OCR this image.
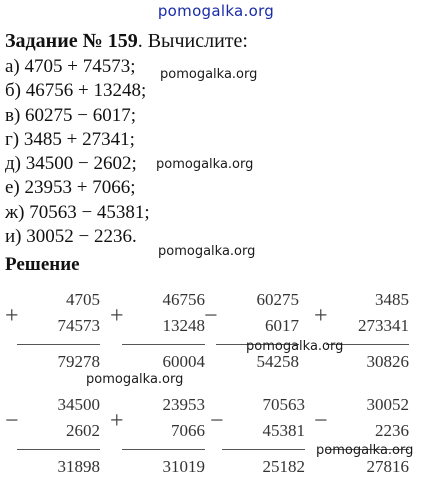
pomogalka.org
Задание № 159. Вычислите:
а) 4705 + 74573;
б) 46756 + 13248;
в) 60275 − 6017;
г) 3485 + 27341;
д) 34500 − 2602;
е) 23953 + 7066;
ж) 70563 − 45381;
и) 30052 − 2236.
pomogalka.org
pomogalka.org
pomogalka.org
Решение
+
4705
74573
79278
+
46756
13248
60004
−
60275
6017
54258
+
3485
273341
30826
pomogalka.org
pomogalka.org
−
34500
2602
31898
+
23953
7066
31019
−
70563
45381
25182
−
30052
2236
27816
pomogalka.org
